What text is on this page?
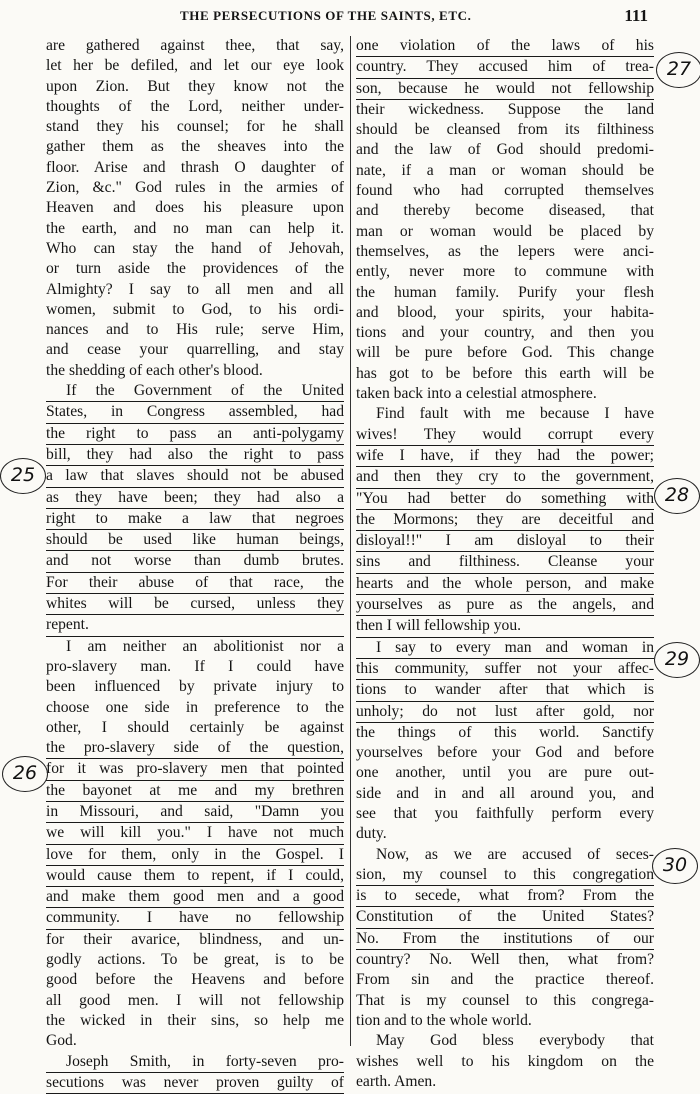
THE PERSECUTIONS OF THE SAINTS, ETC.	111
are gathered against thee, that say,
let her be defiled, and let our eye look
upon Zion. But they know not the
thoughts of the Lord, neither under-
stand they his counsel; for he shall
gather them as the sheaves into the
floor. Arise and thrash O daughter of
Zion, &c." God rules in the armies of
Heaven and does his pleasure upon
the earth, and no man can help it.
Who can stay the hand of Jehovah,
or turn aside the providences of the
Almighty? I say to all men and all
women, submit to God, to his ordi-
nances and to His rule; serve Him,
and cease your quarrelling, and stay
the shedding of each other's blood.
If the Government of the United
States, in Congress assembled, had
the right to pass an anti-polygamy
bill, they had also the right to pass
a law that slaves should not be abused
as they have been; they had also a
right to make a law that negroes
should be used like human beings,
and not worse than dumb brutes.
For their abuse of that race, the
whites will be cursed, unless they
repent.
I am neither an abolitionist nor a
pro-slavery man. If I could have
been influenced by private injury to
choose one side in preference to the
other, I should certainly be against
the pro-slavery side of the question,
for it was pro-slavery men that pointed
the bayonet at me and my brethren
in Missouri, and said, "Damn you
we will kill you." I have not much
love for them, only in the Gospel. I
would cause them to repent, if I could,
and make them good men and a good
community. I have no fellowship
for their avarice, blindness, and un-
godly actions. To be great, is to be
good before the Heavens and before
all good men. I will not fellowship
the wicked in their sins, so help me
God.
Joseph Smith, in forty-seven pro-
secutions was never proven guilty of
one violation of the laws of his
country. They accused him of trea-
son, because he would not fellowship
their wickedness. Suppose the land
should be cleansed from its filthiness
and the law of God should predomi-
nate, if a man or woman should be
found who had corrupted themselves
and thereby become diseased, that
man or woman would be placed by
themselves, as the lepers were anci-
ently, never more to commune with
the human family. Purify your flesh
and blood, your spirits, your habita-
tions and your country, and then you
will be pure before God. This change
has got to be before this earth will be
taken back into a celestial atmosphere.
Find fault with me because I have
wives! They would corrupt every
wife I have, if they had the power;
and then they cry to the government,
"You had better do something with
the Mormons; they are deceitful and
disloyal!!" I am disloyal to their
sins and filthiness. Cleanse your
hearts and the whole person, and make
yourselves as pure as the angels, and
then I will fellowship you.
I say to every man and woman in
this community, suffer not your affec-
tions to wander after that which is
unholy; do not lust after gold, nor
the things of this world. Sanctify
yourselves before your God and before
one another, until you are pure out-
side and in and all around you, and
see that you faithfully perform every
duty.
Now, as we are accused of seces-
sion, my counsel to this congregation
is to secede, what from? From the
Constitution of the United States?
No. From the institutions of our
country? No. Well then, what from?
From sin and the practice thereof.
That is my counsel to this congrega-
tion and to the whole world.
May God bless everybody that
wishes well to his kingdom on the
earth. Amen.
25
26
27
28
29
30
